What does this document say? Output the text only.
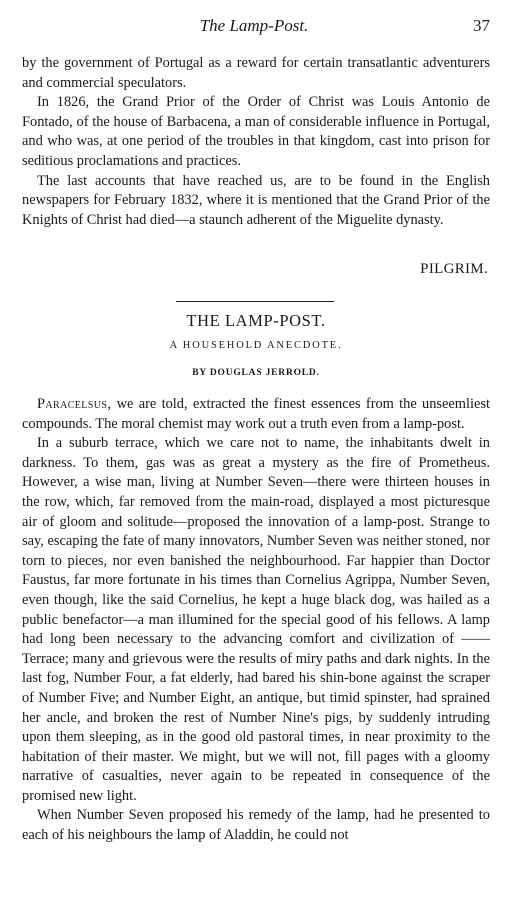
The Lamp-Post.	37

by the government of Portugal as a reward for certain transatlantic adventurers and commercial speculators.

In 1826, the Grand Prior of the Order of Christ was Louis Antonio de Fontado, of the house of Barbacena, a man of considerable influence in Portugal, and who was, at one period of the troubles in that kingdom, cast into prison for seditious proclamations and practices.

The last accounts that have reached us, are to be found in the English newspapers for February 1832, where it is mentioned that the Grand Prior of the Knights of Christ had died—a staunch adherent of the Miguelite dynasty.

PILGRIM.
THE LAMP-POST.
A HOUSEHOLD ANECDOTE.
BY DOUGLAS JERROLD.

Paracelsus, we are told, extracted the finest essences from the unseemliest compounds. The moral chemist may work out a truth even from a lamp-post.

In a suburb terrace, which we care not to name, the inhabitants dwelt in darkness. To them, gas was as great a mystery as the fire of Prometheus. However, a wise man, living at Number Seven—there were thirteen houses in the row, which, far removed from the main-road, displayed a most picturesque air of gloom and solitude—proposed the innovation of a lamp-post. Strange to say, escaping the fate of many innovators, Number Seven was neither stoned, nor torn to pieces, nor even banished the neighbourhood. Far happier than Doctor Faustus, far more fortunate in his times than Cornelius Agrippa, Number Seven, even though, like the said Cornelius, he kept a huge black dog, was hailed as a public benefactor—a man illumined for the special good of his fellows. A lamp had long been necessary to the advancing comfort and civilization of —— Terrace; many and grievous were the results of miry paths and dark nights. In the last fog, Number Four, a fat elderly, had bared his shin-bone against the scraper of Number Five; and Number Eight, an antique, but timid spinster, had sprained her ancle, and broken the rest of Number Nine's pigs, by suddenly intruding upon them sleeping, as in the good old pastoral times, in near proximity to the habitation of their master. We might, but we will not, fill pages with a gloomy narrative of casualties, never again to be repeated in consequence of the promised new light.

When Number Seven proposed his remedy of the lamp, had he presented to each of his neighbours the lamp of Aladdin, he could not
